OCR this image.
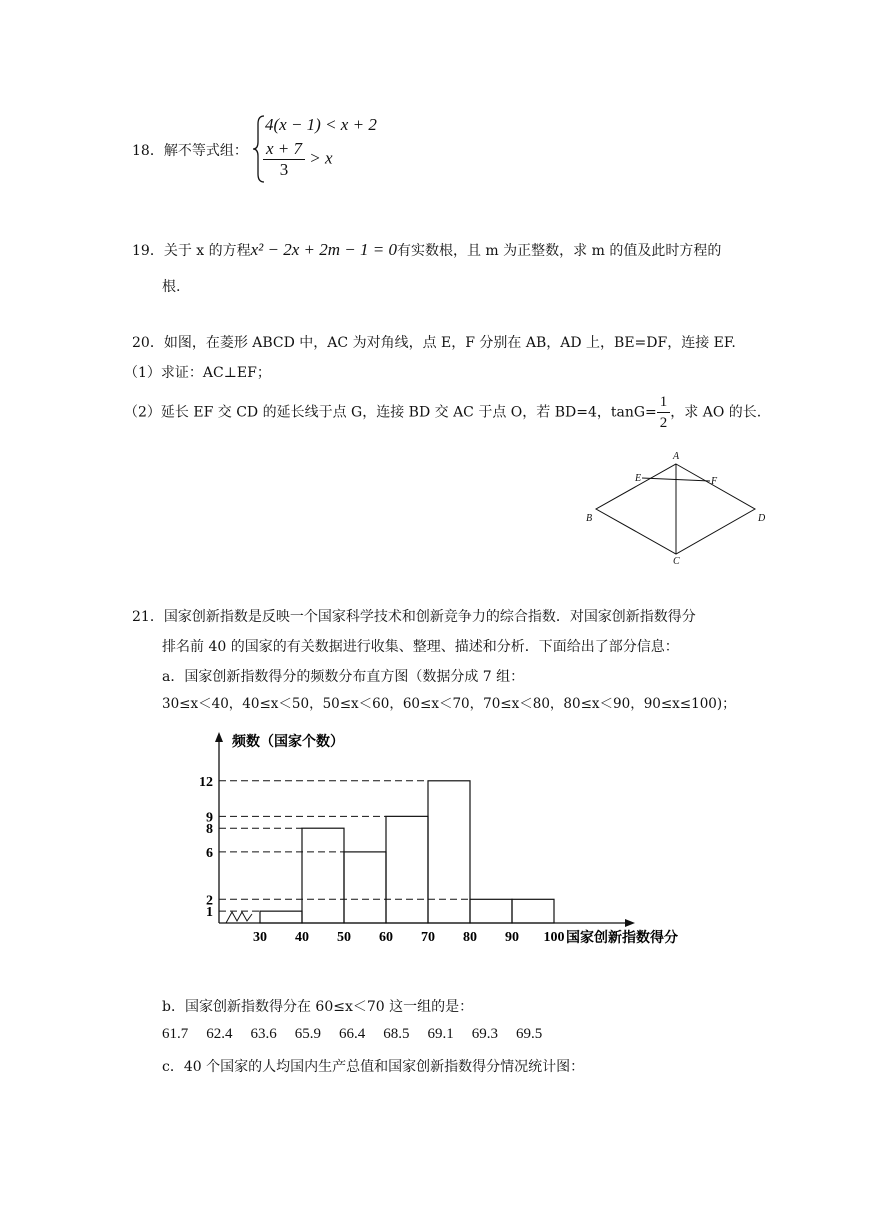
18．解不等式组：
4(x − 1) < x + 2
$\frac{x + 7}{3} > x$
19．关于 x 的方程x² − 2x + 2m − 1 = 0有实数根，且 m 为正整数，求 m 的值及此时方程的
根.
20．如图，在菱形 ABCD 中，AC 为对角线，点 E，F 分别在 AB，AD 上，BE=DF，连接 EF.
（1）求证：AC⊥EF；
（2）延长 EF 交 CD 的延长线于点 G，连接 BD 交 AC 于点 O，若 BD=4，$\tan G= \frac{1}{2}$ ，求 AO 的长.
A
E	F
B	D
C
21．国家创新指数是反映一个国家科学技术和创新竞争力的综合指数．对国家创新指数得分
排名前 40 的国家的有关数据进行收集、整理、描述和分析．下面给出了部分信息：
a．国家创新指数得分的频数分布直方图（数据分成 7 组：
30≤x＜40，40≤x＜50，50≤x＜60，60≤x＜70，70≤x＜80，80≤x＜90，90≤x≤100)；
1
2
6
8
9
12
30 40 50 60 70 80 90 100
频数（国家个数）
国家创新指数得分
b．国家创新指数得分在 60≤x＜70 这一组的是：
61.7 62.4 63.6 65.9 66.4 68.5 69.1 69.3 69.5
c．40 个国家的人均国内生产总值和国家创新指数得分情况统计图：
